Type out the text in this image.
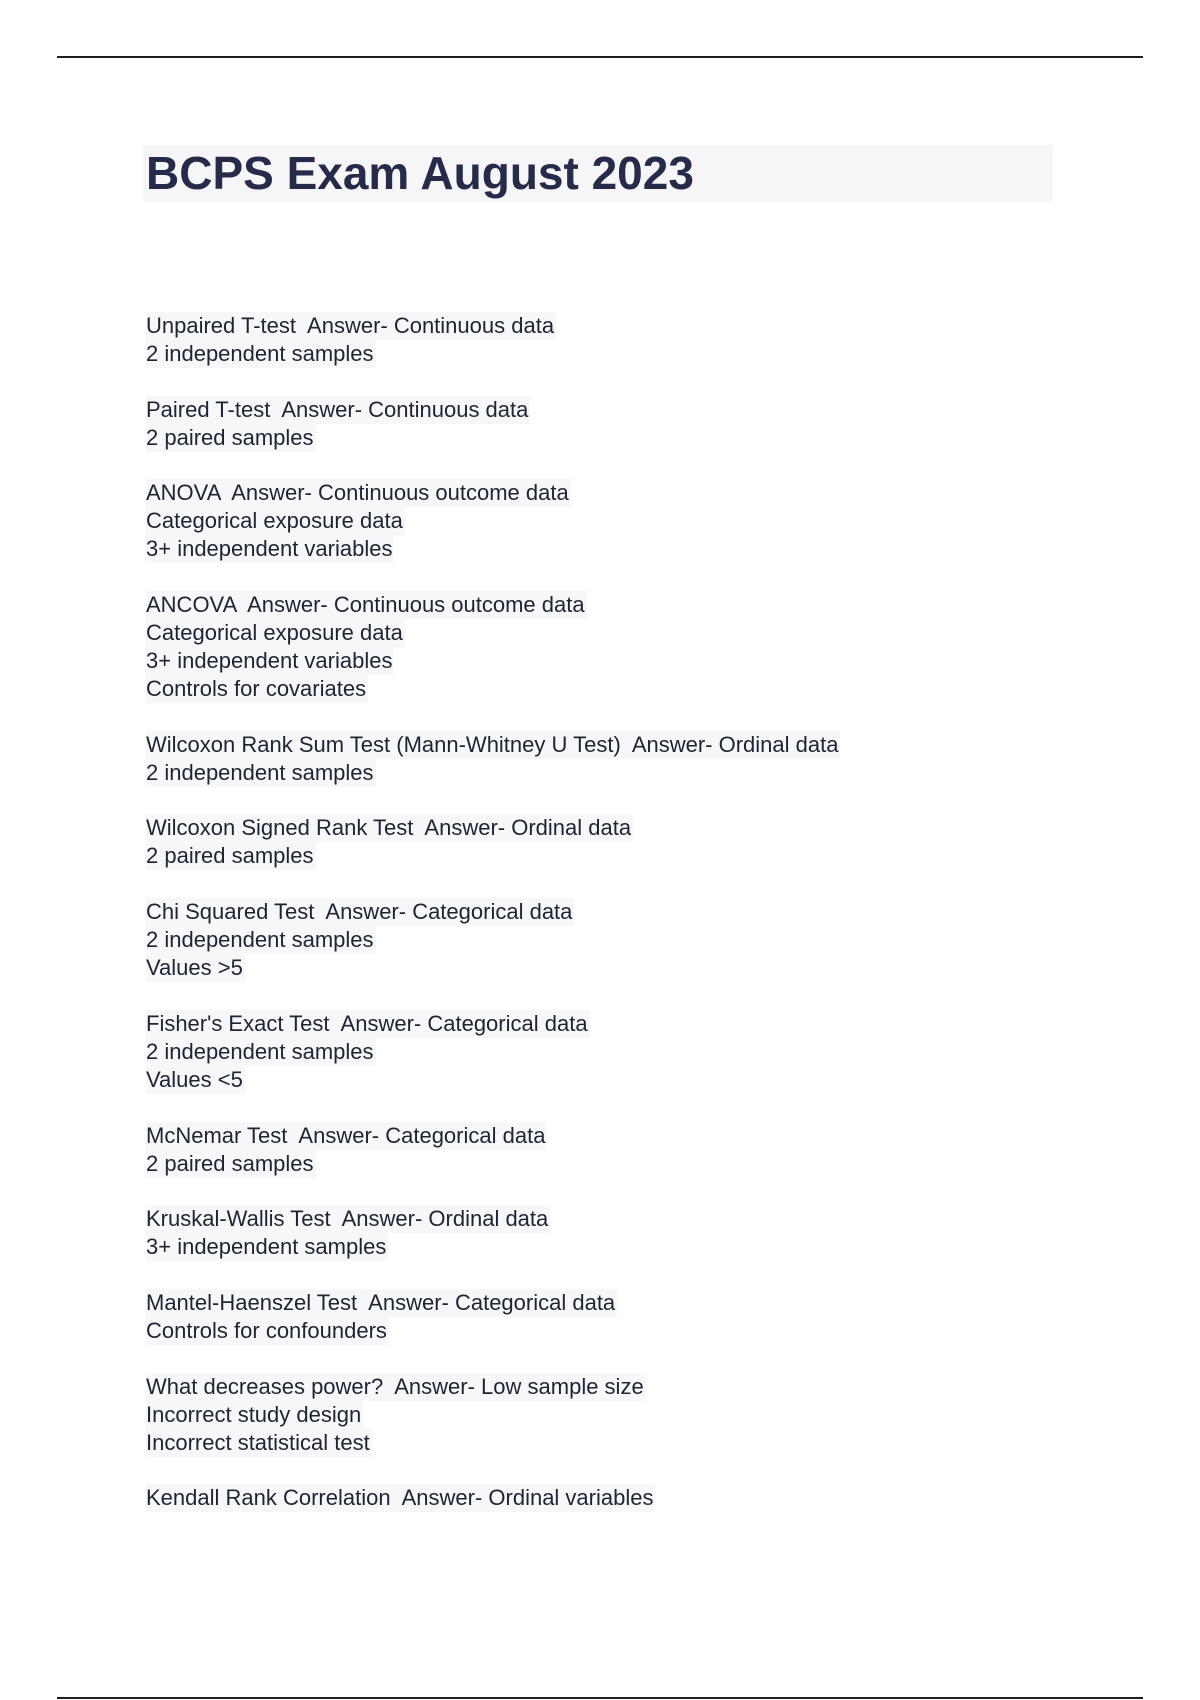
BCPS Exam August 2023
Unpaired T-test Answer- Continuous data
2 independent samples
Paired T-test Answer- Continuous data
2 paired samples
ANOVA Answer- Continuous outcome data
Categorical exposure data
3+ independent variables
ANCOVA Answer- Continuous outcome data
Categorical exposure data
3+ independent variables
Controls for covariates
Wilcoxon Rank Sum Test (Mann-Whitney U Test) Answer- Ordinal data
2 independent samples
Wilcoxon Signed Rank Test Answer- Ordinal data
2 paired samples
Chi Squared Test Answer- Categorical data
2 independent samples
Values >5
Fisher's Exact Test Answer- Categorical data
2 independent samples
Values <5
McNemar Test Answer- Categorical data
2 paired samples
Kruskal-Wallis Test Answer- Ordinal data
3+ independent samples
Mantel-Haenszel Test Answer- Categorical data
Controls for confounders
What decreases power? Answer- Low sample size
Incorrect study design
Incorrect statistical test
Kendall Rank Correlation Answer- Ordinal variables
